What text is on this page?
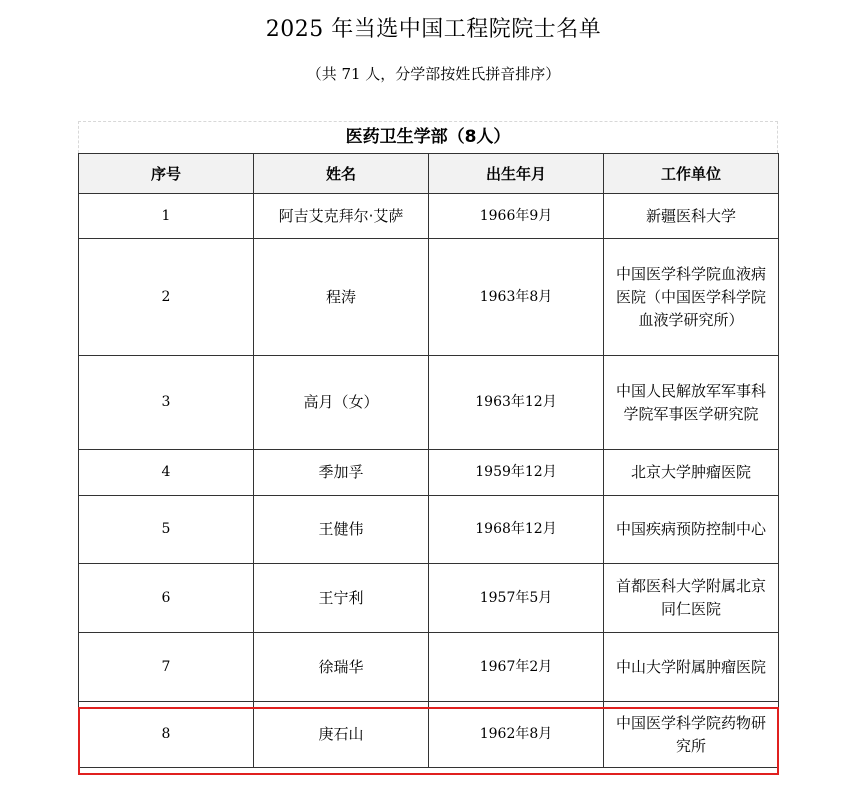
2025 年当选中国工程院院士名单
（共 71 人，分学部按姓氏拼音排序）
医药卫生学部（8人）
序号	姓名	出生年月	工作单位
1	阿吉艾克拜尔·艾萨	1966年9月	新疆医科大学
2	程涛	1963年8月	中国医学科学院血液病医院（中国医学科学院血液学研究所）
3	高月（女）	1963年12月	中国人民解放军军事科学院军事医学研究院
4	季加孚	1959年12月	北京大学肿瘤医院
5	王健伟	1968年12月	中国疾病预防控制中心
6	王宁利	1957年5月	首都医科大学附属北京同仁医院
7	徐瑞华	1967年2月	中山大学附属肿瘤医院
8	庚石山	1962年8月	中国医学科学院药物研究所
